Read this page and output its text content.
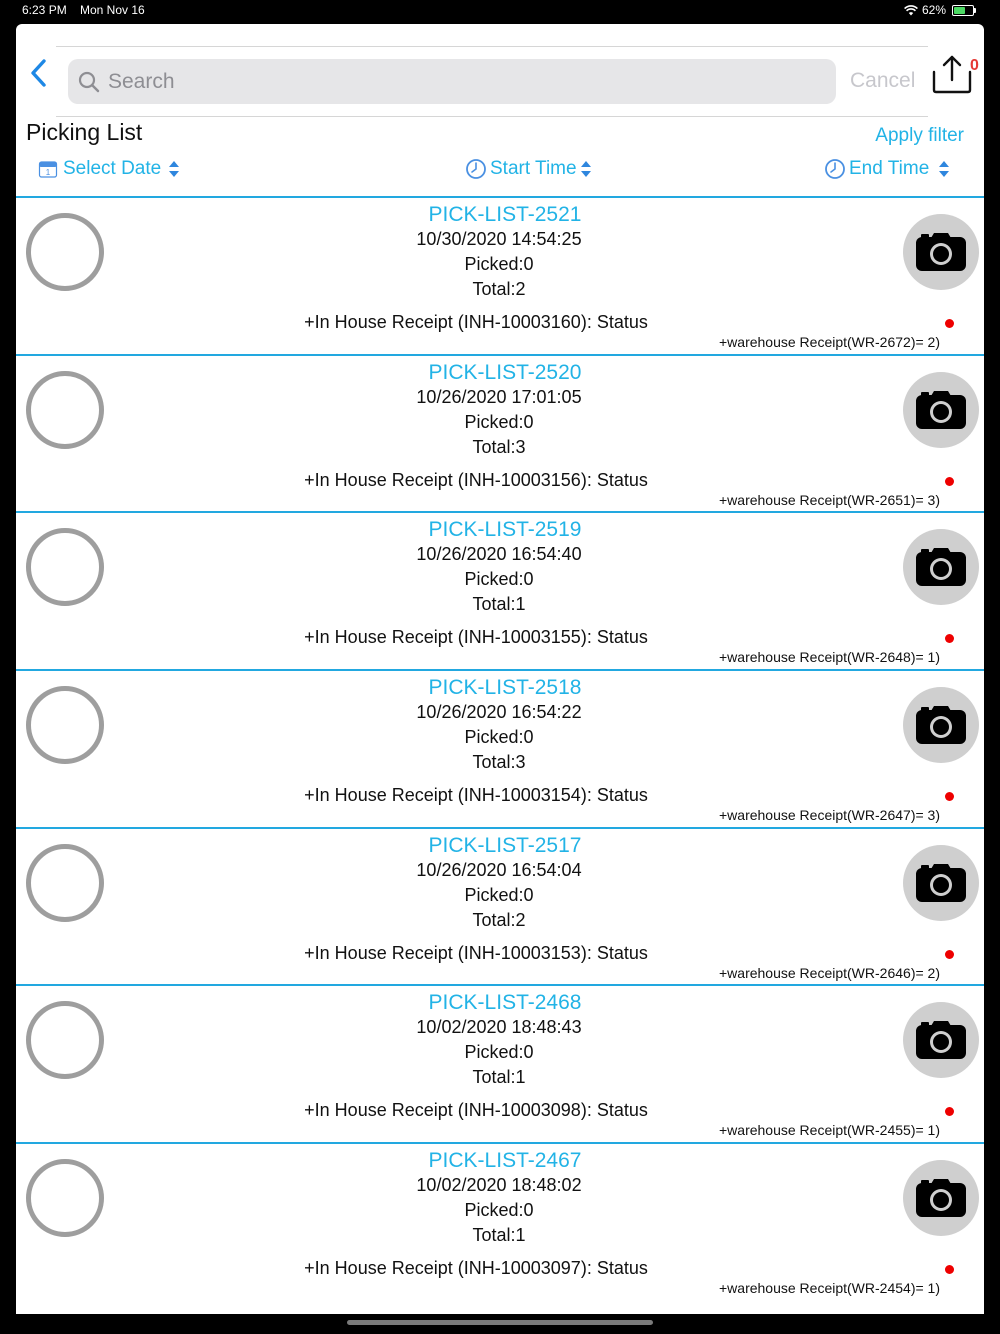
6:23 PM Mon Nov 16	62%
Search	Cancel
0
Picking List	Apply filter
1 Select Date	Start Time	End Time
PICK-LIST-2521
10/30/2020 14:54:25
Picked:0
Total:2
+In House Receipt (INH-10003160): Status
+warehouse Receipt(WR-2672)= 2)
PICK-LIST-2520
10/26/2020 17:01:05
Picked:0
Total:3
+In House Receipt (INH-10003156): Status
+warehouse Receipt(WR-2651)= 3)
PICK-LIST-2519
10/26/2020 16:54:40
Picked:0
Total:1
+In House Receipt (INH-10003155): Status
+warehouse Receipt(WR-2648)= 1)
PICK-LIST-2518
10/26/2020 16:54:22
Picked:0
Total:3
+In House Receipt (INH-10003154): Status
+warehouse Receipt(WR-2647)= 3)
PICK-LIST-2517
10/26/2020 16:54:04
Picked:0
Total:2
+In House Receipt (INH-10003153): Status
+warehouse Receipt(WR-2646)= 2)
PICK-LIST-2468
10/02/2020 18:48:43
Picked:0
Total:1
+In House Receipt (INH-10003098): Status
+warehouse Receipt(WR-2455)= 1)
PICK-LIST-2467
10/02/2020 18:48:02
Picked:0
Total:1
+In House Receipt (INH-10003097): Status
+warehouse Receipt(WR-2454)= 1)
